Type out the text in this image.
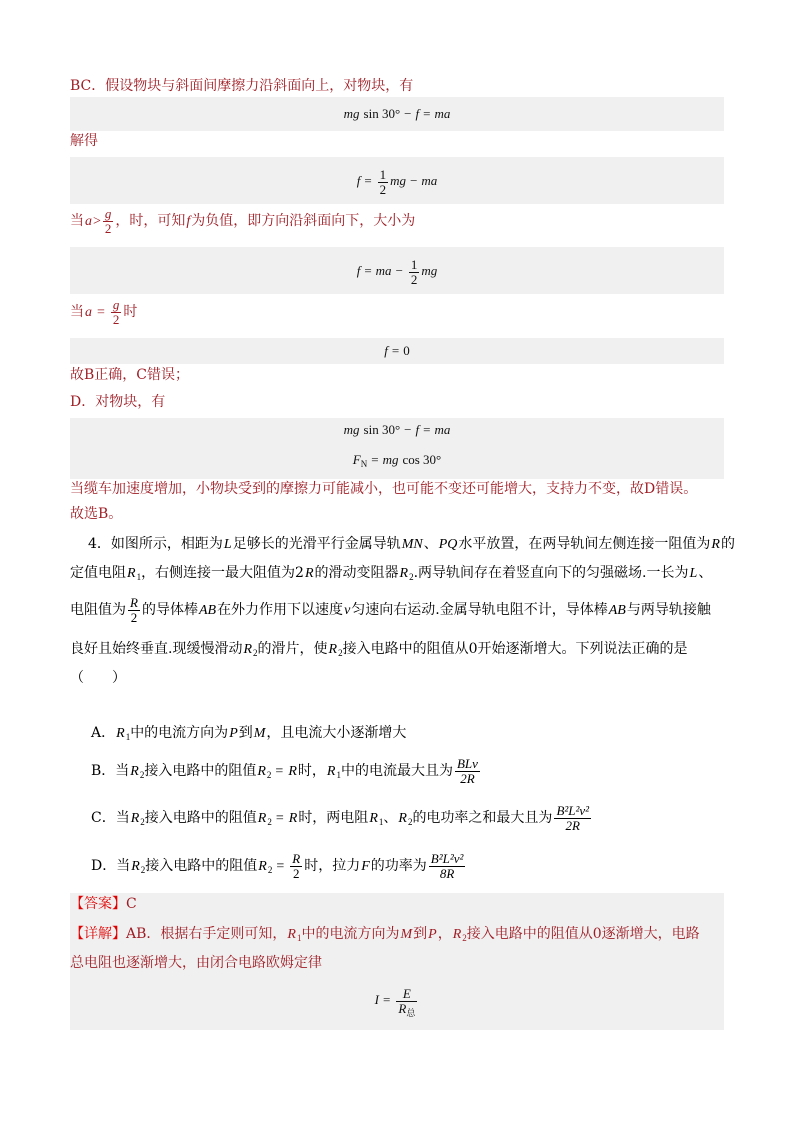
BC．假设物块与斜面间摩擦力沿斜面向上，对物块，有
mg sin 30° − f = ma
解得
$f = \frac{1}{2}$ mg − ma
当$a> \frac{g}{2}$ ，时，可知f为负值，即方向沿斜面向下，大小为
f = ma − $\frac{1}{2}$ mg
当$a = \frac{g}{2}$ 时
f = 0
故B正确，C错误；
D．对物块，有
mg sin 30° − f = ma
$F_N$ = mg cos 30°
当缆车加速度增加，小物块受到的摩擦力可能减小，也可能不变还可能增大，支持力不变，故D错误。
故选B。
4．如图所示，相距为L足够长的光滑平行金属导轨MN、PQ水平放置，在两导轨间左侧连接一阻值为R的
定值电阻$R_1$，右侧连接一最大阻值为2R的滑动变阻器$R_2$.两导轨间存在着竖直向下的匀强磁场.一长为L、
电阻值为 $\frac{R}{2}$ 的导体棒AB在外力作用下以速度v匀速向右运动.金属导轨电阻不计，导体棒AB与两导轨接触
良好且始终垂直.现缓慢滑动$R_2$的滑片，使$R_2$接入电路中的阻值从0开始逐渐增大。下列说法正确的是
（　　）
A．$R_1$中的电流方向为P到M，且电流大小逐渐增大
B．当$R_2$接入电路中的阻值$R_2 = R$时，$R_1$中的电流最大且为 $\frac{\text{BLv}}{2R}$
C．当$R_2$接入电路中的阻值$R_2 = R$时，两电阻$R_1$、$R_2$的电功率之和最大且为 $\frac{\text{B²L²v²}}{2R}$
D．当$R_2$接入电路中的阻值$R_2 = \frac{R}{2}$ 时，拉力F的功率为 $\frac{\text{B²L²v²}}{8R}$
【答案】C
【详解】AB．根据右手定则可知，$R_1$中的电流方向为M到P，$R_2$接入电路中的阻值从0逐渐增大，电路
总电阻也逐渐增大，由闭合电路欧姆定律
$I = \frac{E}{R_总}$
